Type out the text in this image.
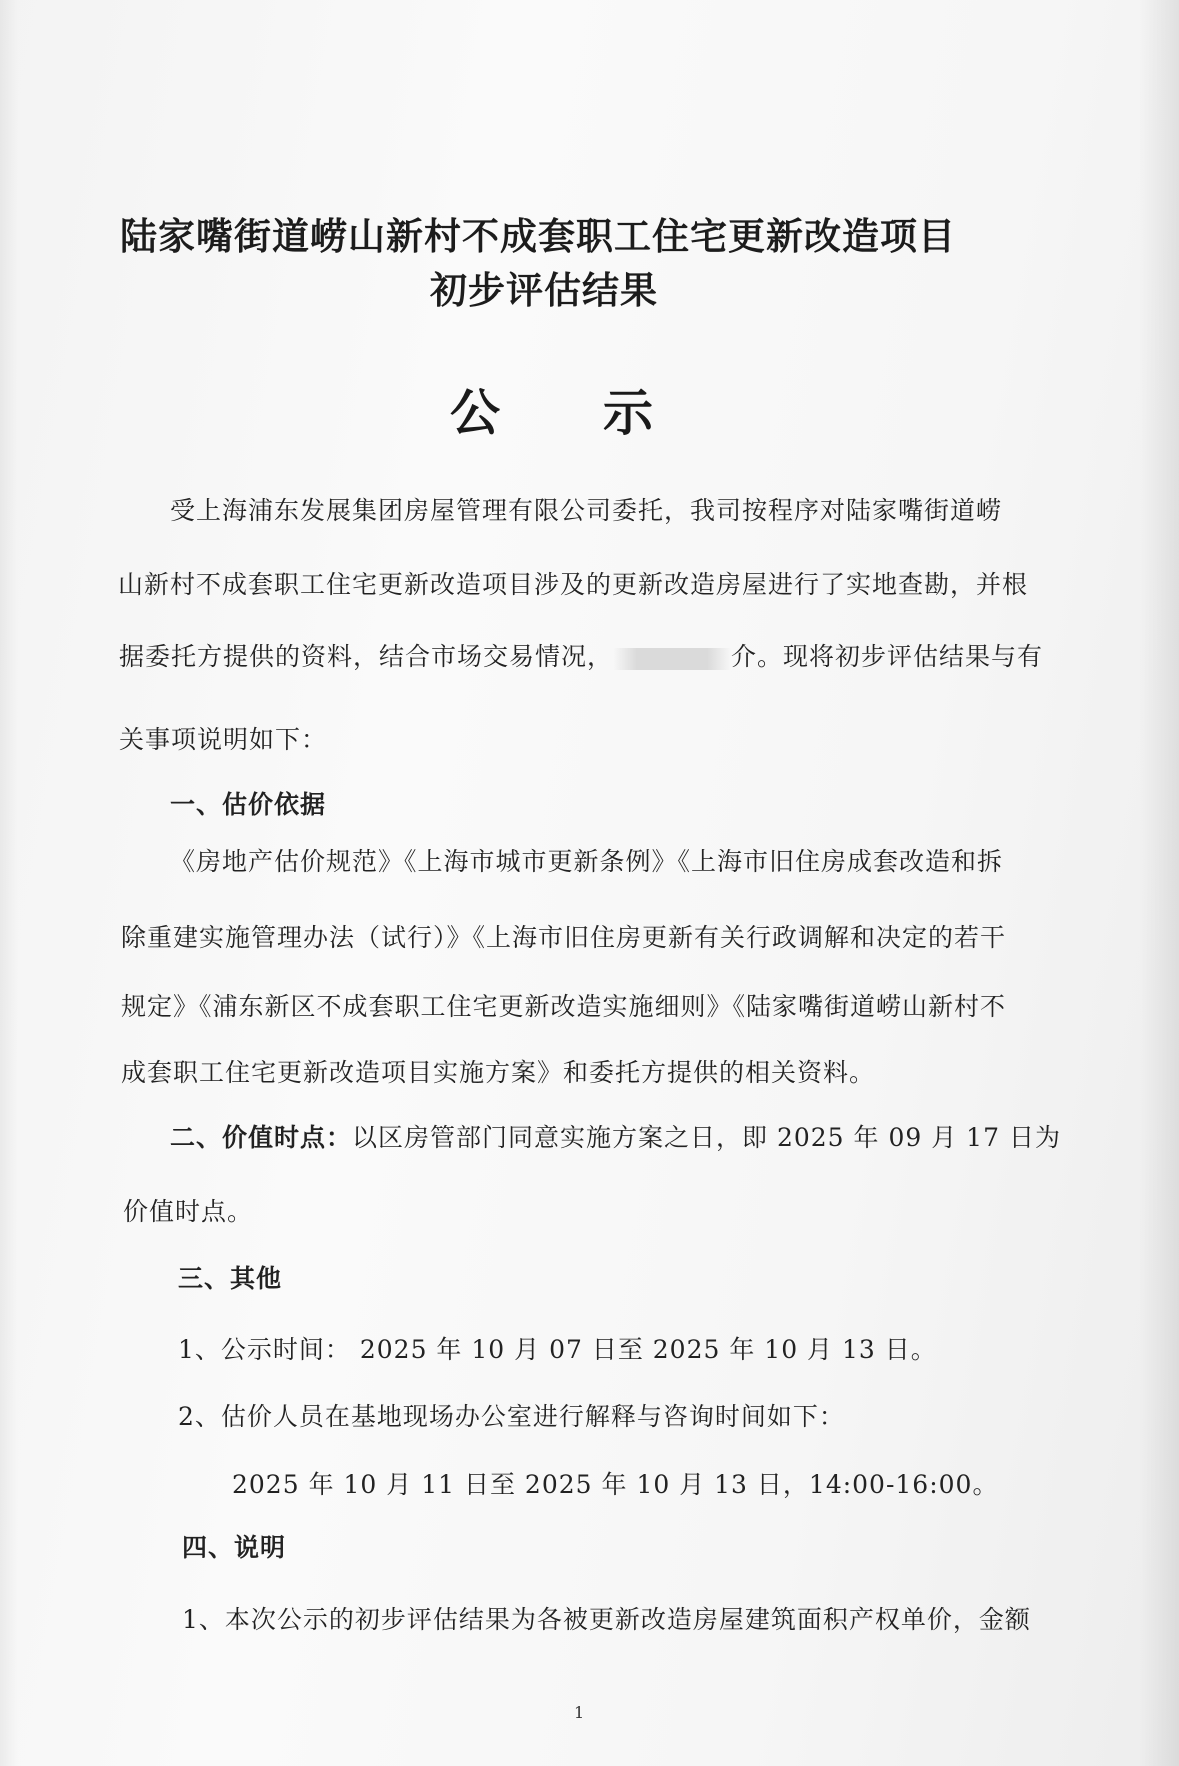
陆家嘴街道崂山新村不成套职工住宅更新改造项目
初步评估结果
公 示
受上海浦东发展集团房屋管理有限公司委托，我司按程序对陆家嘴街道崂
山新村不成套职工住宅更新改造项目涉及的更新改造房屋进行了实地查勘，并根
据委托方提供的资料，结合市场交易情况，	介。现将初步评估结果与有
关事项说明如下：
一、估价依据
《房地产估价规范》《上海市城市更新条例》《上海市旧住房成套改造和拆
除重建实施管理办法（试行）》《上海市旧住房更新有关行政调解和决定的若干
规定》《浦东新区不成套职工住宅更新改造实施细则》《陆家嘴街道崂山新村不
成套职工住宅更新改造项目实施方案》和委托方提供的相关资料。
二、价值时点：以区房管部门同意实施方案之日，即 2025 年 09 月 17 日为
价值时点。
三、其他
1、公示时间： 2025 年 10 月 07 日至 2025 年 10 月 13 日。
2、估价人员在基地现场办公室进行解释与咨询时间如下：
2025 年 10 月 11 日至 2025 年 10 月 13 日，14:00-16:00。
四、说明
1、本次公示的初步评估结果为各被更新改造房屋建筑面积产权单价，金额
1
